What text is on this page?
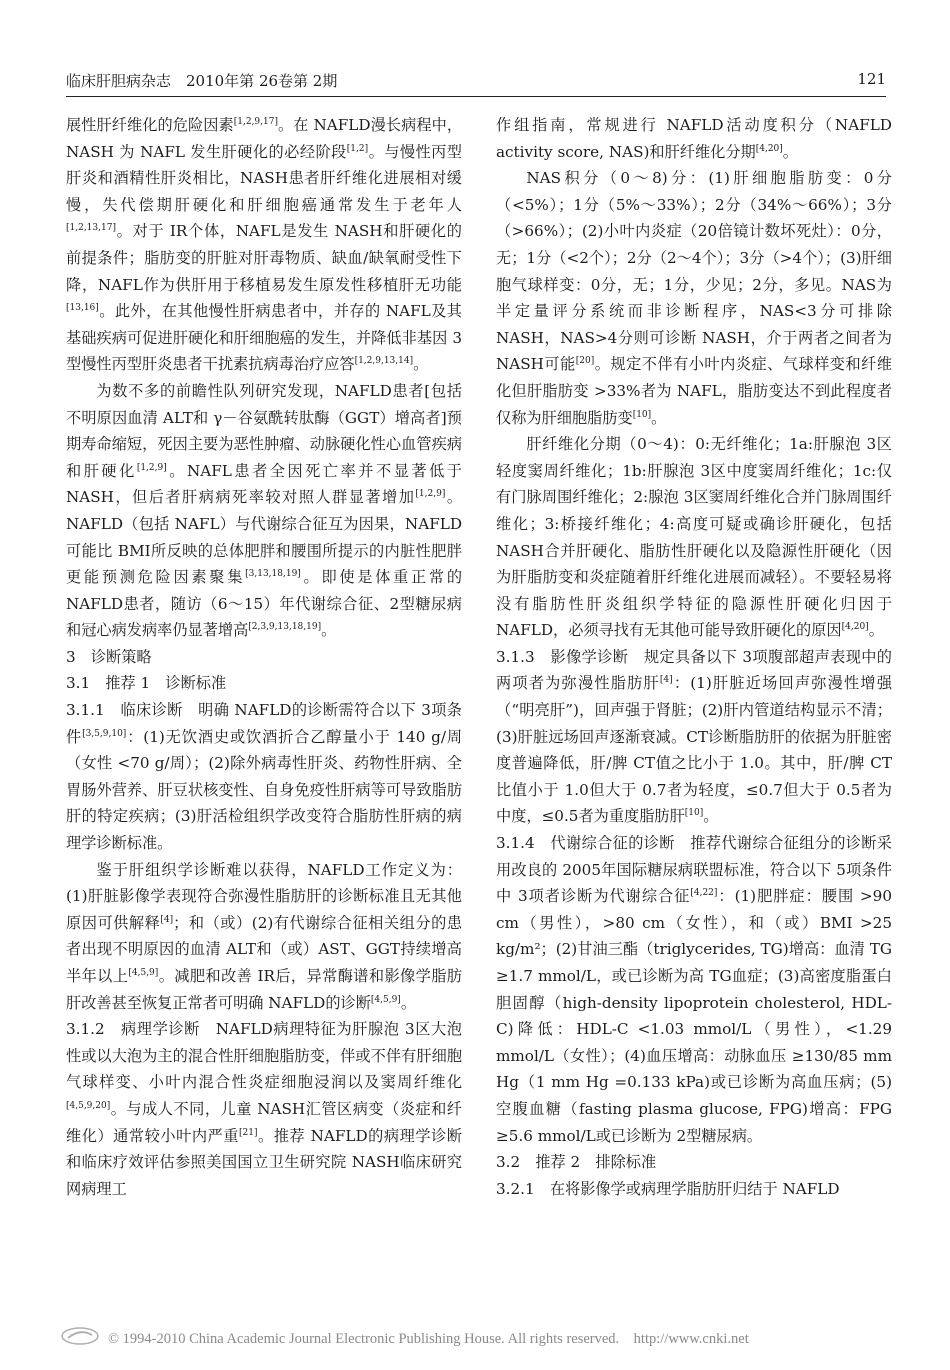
临床肝胆病杂志　2010年第 26卷第 2期	121

展性肝纤维化的危险因素[1,2,9,17]。在 NAFLD漫长病程中，NASH 为 NAFL 发生肝硬化的必经阶段[1,2]。与慢性丙型肝炎和酒精性肝炎相比，NASH患者肝纤维化进展相对缓慢，失代偿期肝硬化和肝细胞癌通常发生于老年人[1,2,13,17]。对于 IR个体，NAFL是发生 NASH和肝硬化的前提条件；脂肪变的肝脏对肝毒物质、缺血/缺氧耐受性下降，NAFL作为供肝用于移植易发生原发性移植肝无功能[13,16]。此外，在其他慢性肝病患者中，并存的 NAFL及其基础疾病可促进肝硬化和肝细胞癌的发生，并降低非基因 3型慢性丙型肝炎患者干扰素抗病毒治疗应答[1,2,9,13,14]。

为数不多的前瞻性队列研究发现，NAFLD患者[包括不明原因血清 ALT和 γ－谷氨酰转肽酶（GGT）增高者]预期寿命缩短，死因主要为恶性肿瘤、动脉硬化性心血管疾病和肝硬化[1,2,9]。NAFL患者全因死亡率并不显著低于 NASH，但后者肝病病死率较对照人群显著增加[1,2,9]。NAFLD（包括 NAFL）与代谢综合征互为因果，NAFLD可能比 BMI所反映的总体肥胖和腰围所提示的内脏性肥胖更能预测危险因素聚集[3,13,18,19]。即使是体重正常的 NAFLD患者，随访（6～15）年代谢综合征、2型糖尿病和冠心病发病率仍显著增高[2,3,9,13,18,19]。

3　诊断策略

3.1　推荐 1　诊断标准

3.1.1　临床诊断　明确 NAFLD的诊断需符合以下 3项条件[3,5,9,10]：(1)无饮酒史或饮酒折合乙醇量小于 140 g/周（女性 <70 g/周）；(2)除外病毒性肝炎、药物性肝病、全胃肠外营养、肝豆状核变性、自身免疫性肝病等可导致脂肪肝的特定疾病；(3)肝活检组织学改变符合脂肪性肝病的病理学诊断标准。

鉴于肝组织学诊断难以获得，NAFLD工作定义为：(1)肝脏影像学表现符合弥漫性脂肪肝的诊断标准且无其他原因可供解释[4]；和（或）(2)有代谢综合征相关组分的患者出现不明原因的血清 ALT和（或）AST、GGT持续增高半年以上[4,5,9]。减肥和改善 IR后，异常酶谱和影像学脂肪肝改善甚至恢复正常者可明确 NAFLD的诊断[4,5,9]。

3.1.2　病理学诊断　NAFLD病理特征为肝腺泡 3区大泡性或以大泡为主的混合性肝细胞脂肪变，伴或不伴有肝细胞气球样变、小叶内混合性炎症细胞浸润以及窦周纤维化[4,5,9,20]。与成人不同，儿童 NASH汇管区病变（炎症和纤维化）通常较小叶内严重[21]。推荐 NAFLD的病理学诊断和临床疗效评估参照美国国立卫生研究院 NASH临床研究网病理工

作组指南，常规进行 NAFLD活动度积分（NAFLD activity score, NAS)和肝纤维化分期[4,20]。

NAS积分（0～8)分：(1)肝细胞脂肪变：0分（<5%）；1分（5%～33%）；2分（34%～66%）；3分（>66%）；(2)小叶内炎症（20倍镜计数坏死灶）：0分，无；1分（<2个）；2分（2～4个）；3分（>4个）；(3)肝细胞气球样变：0分，无；1分，少见；2分，多见。NAS为半定量评分系统而非诊断程序，NAS<3分可排除 NASH，NAS>4分则可诊断 NASH，介于两者之间者为 NASH可能[20]。规定不伴有小叶内炎症、气球样变和纤维化但肝脂肪变 >33%者为 NAFL，脂肪变达不到此程度者仅称为肝细胞脂肪变[10]。

肝纤维化分期（0～4)：0:无纤维化；1a:肝腺泡 3区轻度窦周纤维化；1b:肝腺泡 3区中度窦周纤维化；1c:仅有门脉周围纤维化；2:腺泡 3区窦周纤维化合并门脉周围纤维化；3:桥接纤维化；4:高度可疑或确诊肝硬化，包括 NASH合并肝硬化、脂肪性肝硬化以及隐源性肝硬化（因为肝脂肪变和炎症随着肝纤维化进展而减轻）。不要轻易将没有脂肪性肝炎组织学特征的隐源性肝硬化归因于 NAFLD，必须寻找有无其他可能导致肝硬化的原因[4,20]。

3.1.3　影像学诊断　规定具备以下 3项腹部超声表现中的两项者为弥漫性脂肪肝[4]：(1)肝脏近场回声弥漫性增强（“明亮肝”)，回声强于肾脏；(2)肝内管道结构显示不清；(3)肝脏远场回声逐渐衰减。CT诊断脂肪肝的依据为肝脏密度普遍降低，肝/脾 CT值之比小于 1.0。其中，肝/脾 CT比值小于 1.0但大于 0.7者为轻度，≤0.7但大于 0.5者为中度，≤0.5者为重度脂肪肝[10]。

3.1.4　代谢综合征的诊断　推荐代谢综合征组分的诊断采用改良的 2005年国际糖尿病联盟标准，符合以下 5项条件中 3项者诊断为代谢综合征[4,22]：(1)肥胖症：腰围 >90 cm（男性），>80 cm（女性），和（或）BMI >25 kg/m²；(2)甘油三酯（triglycerides, TG)增高：血清 TG ≥1.7 mmol/L，或已诊断为高 TG血症；(3)高密度脂蛋白胆固醇（high-density lipoprotein cholesterol, HDL-C)降低：HDL-C <1.03 mmol/L（男性），<1.29 mmol/L（女性）；(4)血压增高：动脉血压 ≥130/85 mm Hg（1 mm Hg =0.133 kPa)或已诊断为高血压病；(5)空腹血糖（fasting plasma glucose, FPG)增高：FPG ≥5.6 mmol/L或已诊断为 2型糖尿病。

3.2　推荐 2　排除标准

3.2.1　在将影像学或病理学脂肪肝归结于 NAFLD

© 1994-2010 China Academic Journal Electronic Publishing House. All rights reserved.　http://www.cnki.net
